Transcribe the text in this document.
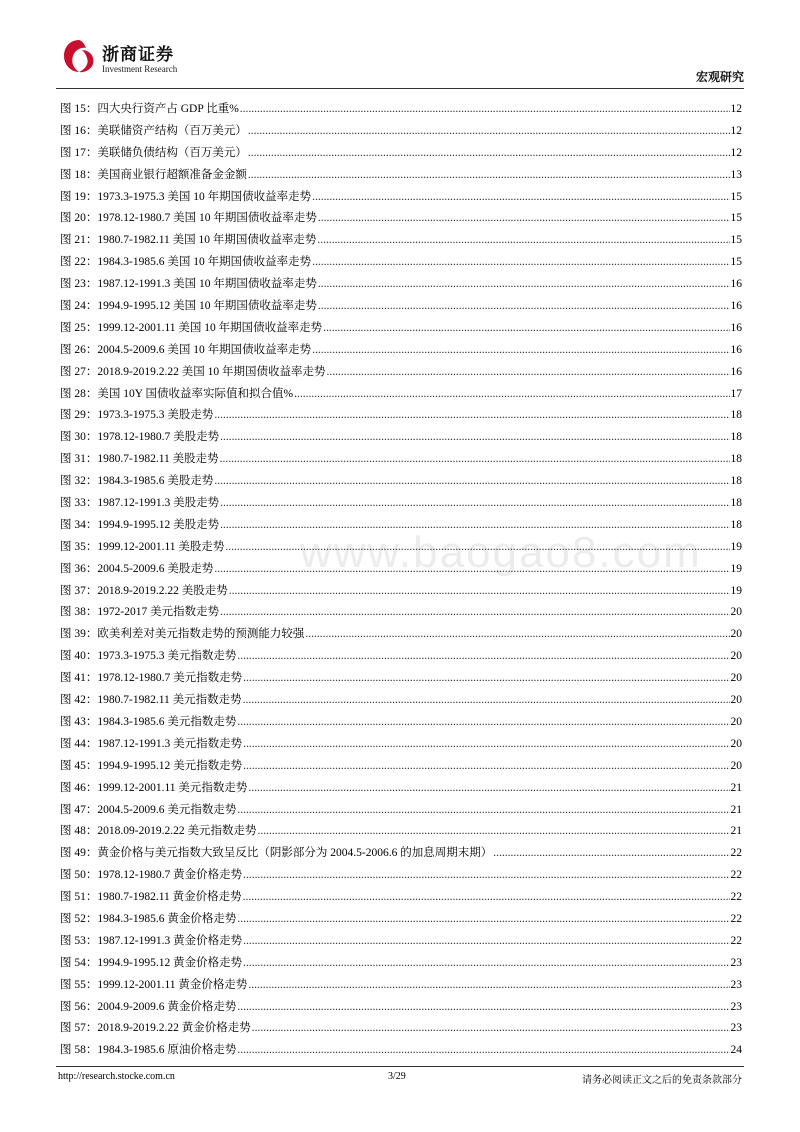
浙商证券
Investment Research
宏观研究
www.baogao8.com
图 15：四大央行资产占 GDP 比重% .....	12
图 16：美联储资产结构（百万美元） .....	12
图 17：美联储负债结构（百万美元） .....	12
图 18：美国商业银行超额准备金金额 .....	13
图 19：1973.3-1975.3 美国 10 年期国债收益率走势 .....	15
图 20：1978.12-1980.7 美国 10 年期国债收益率走势 .....	15
图 21：1980.7-1982.11 美国 10 年期国债收益率走势 .....	15
图 22：1984.3-1985.6 美国 10 年期国债收益率走势 .....	15
图 23：1987.12-1991.3 美国 10 年期国债收益率走势 .....	16
图 24：1994.9-1995.12 美国 10 年期国债收益率走势 .....	16
图 25：1999.12-2001.11 美国 10 年期国债收益率走势 .....	16
图 26：2004.5-2009.6 美国 10 年期国债收益率走势 .....	16
图 27：2018.9-2019.2.22 美国 10 年期国债收益率走势 .....	16
图 28：美国 10Y 国债收益率实际值和拟合值% .....	17
图 29：1973.3-1975.3 美股走势 .....	18
图 30：1978.12-1980.7 美股走势 .....	18
图 31：1980.7-1982.11 美股走势 .....	18
图 32：1984.3-1985.6 美股走势 .....	18
图 33：1987.12-1991.3 美股走势 .....	18
图 34：1994.9-1995.12 美股走势 .....	18
图 35：1999.12-2001.11 美股走势 .....	19
图 36：2004.5-2009.6 美股走势 .....	19
图 37：2018.9-2019.2.22 美股走势 .....	19
图 38：1972-2017 美元指数走势 .....	20
图 39：欧美利差对美元指数走势的预测能力较强 .....	20
图 40：1973.3-1975.3 美元指数走势 .....	20
图 41：1978.12-1980.7 美元指数走势 .....	20
图 42：1980.7-1982.11 美元指数走势 .....	20
图 43：1984.3-1985.6 美元指数走势 .....	20
图 44：1987.12-1991.3 美元指数走势 .....	20
图 45：1994.9-1995.12 美元指数走势 .....	20
图 46：1999.12-2001.11 美元指数走势 .....	21
图 47：2004.5-2009.6 美元指数走势 .....	21
图 48：2018.09-2019.2.22 美元指数走势 .....	21
图 49：黄金价格与美元指数大致呈反比（阴影部分为 2004.5-2006.6 的加息周期末期） .....	22
图 50：1978.12-1980.7 黄金价格走势 .....	22
图 51：1980.7-1982.11 黄金价格走势 .....	22
图 52：1984.3-1985.6 黄金价格走势 .....	22
图 53：1987.12-1991.3 黄金价格走势 .....	22
图 54：1994.9-1995.12 黄金价格走势 .....	23
图 55：1999.12-2001.11 黄金价格走势 .....	23
图 56：2004.9-2009.6 黄金价格走势 .....	23
图 57：2018.9-2019.2.22 黄金价格走势 .....	23
图 58：1984.3-1985.6 原油价格走势 .....	24
http://research.stocke.com.cn	3/29	请务必阅读正文之后的免责条款部分
